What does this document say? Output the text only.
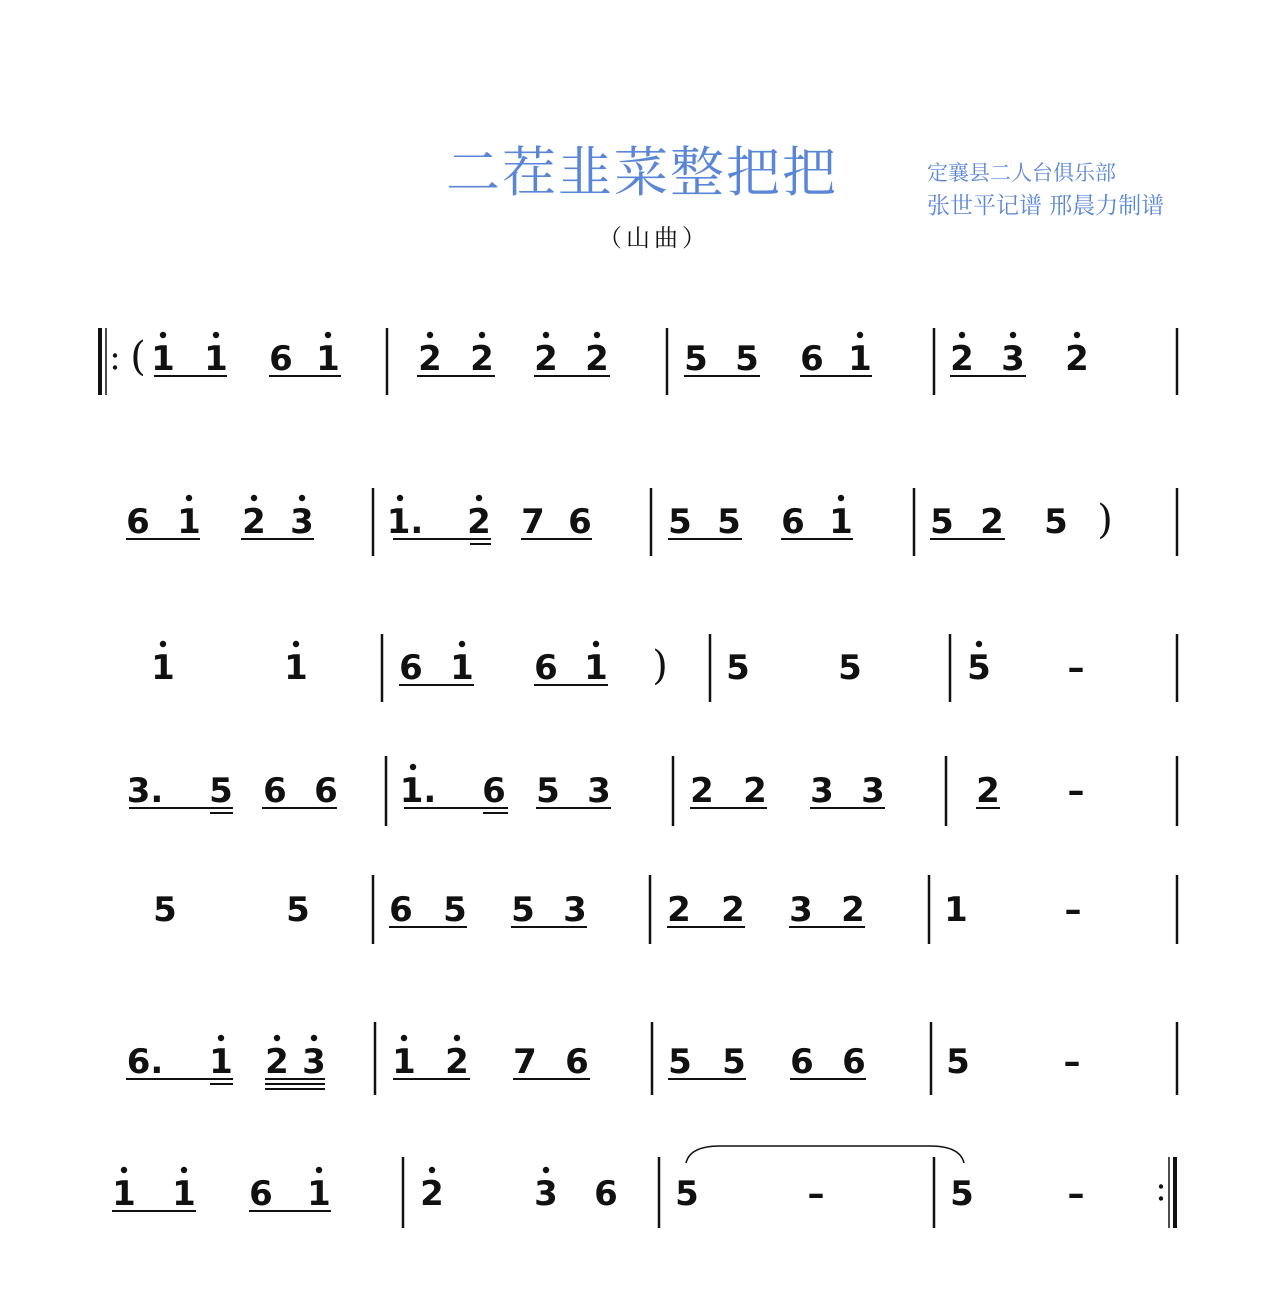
二茬韭菜整把把
（山曲）
定襄县二人台俱乐部
张世平记谱 邢晨力制谱
( 1 1 6 1 2 2 2 2 5 5 6 1 2 3 2
6 1 2 3 1. 2 7 6 5 5 6 1 5 2 5 )
1	1	6 1 6 1 ) 5	5	5 –
3. 5 6 6 1. 6 5 3 2 2 3 3	2 –
5	5 6 5 5 3 2 2 3 2 1	–
6. 1 2 3 1 2 7 6 5 5 6 6 5	–
1 1 6 1	2	3 6 5	–	5	–	𝄇
